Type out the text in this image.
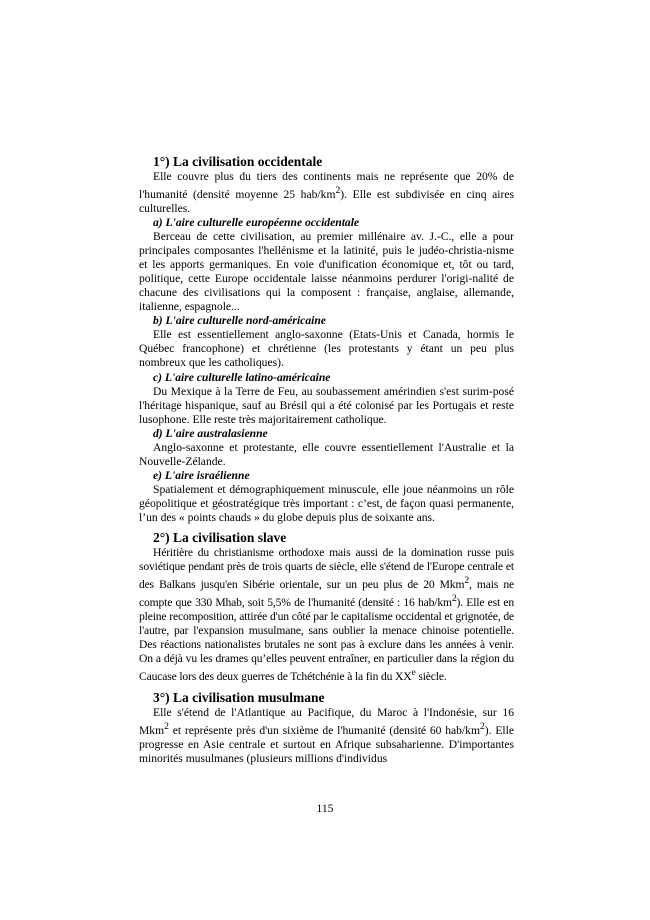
1°) La civilisation occidentale

Elle couvre plus du tiers des continents mais ne représente que 20% de l'humanité (densité moyenne 25 hab/$km^2$). Elle est subdivisée en cinq aires culturelles.

a) L'aire culturelle européenne occidentale

Berceau de cette civilisation, au premier millénaire av. J.-C., elle a pour principales composantes l'hellénisme et la latinité, puis le judéo-christia-nisme et les apports germaniques. En voie d'unification économique et, tôt ou tard, politique, cette Europe occidentale laisse néanmoins perdurer l'origi-nalité de chacune des civilisations qui la composent : française, anglaise, allemande, italienne, espagnole...

b) L'aire culturelle nord-américaine

Elle est essentiellement anglo-saxonne (Etats-Unis et Canada, hormis le Québec francophone) et chrétienne (les protestants y étant un peu plus nombreux que les catholiques).

c) L'aire culturelle latino-américaine

Du Mexique à la Terre de Feu, au soubassement amérindien s'est surim-posé l'héritage hispanique, sauf au Brésil qui a été colonisé par les Portugais et reste lusophone. Elle reste très majoritairement catholique.

d) L'aire australasienne

Anglo-saxonne et protestante, elle couvre essentiellement l'Australie et la Nouvelle-Zélande.

e) L'aire israélienne

Spatialement et démographiquement minuscule, elle joue néanmoins un rôle géopolitique et géostratégique très important : c’est, de façon quasi permanente, l’un des « points chauds » du globe depuis plus de soixante ans.

2°) La civilisation slave

Héritière du christianisme orthodoxe mais aussi de la domination russe puis soviétique pendant près de trois quarts de siècle, elle s'étend de l'Europe centrale et des Balkans jusqu'en Sibérie orientale, sur un peu plus de 20 Mkm$^2$, mais ne compte que 330 Mhab, soit 5,5% de l'humanité (densité : 16 hab/$km^2$). Elle est en pleine recomposition, attirée d'un côté par le capitalisme occidental et grignotée, de l'autre, par l'expansion musulmane, sans oublier la menace chinoise potentielle. Des réactions nationalistes brutales ne sont pas à exclure dans les années à venir. On a déjà vu les drames qu’elles peuvent entraîner, en particulier dans la région du Caucase lors des deux guerres de Tchétchénie à la fin du XXe siècle.

3°) La civilisation musulmane

Elle s'étend de l'Atlantique au Pacifique, du Maroc à l'Indonésie, sur 16 Mkm$^2$ et représente près d'un sixième de l'humanité (densité 60 hab/$km^2$). Elle progresse en Asie centrale et surtout en Afrique subsaharienne. D'importantes minorités musulmanes (plusieurs millions d'individus

115
